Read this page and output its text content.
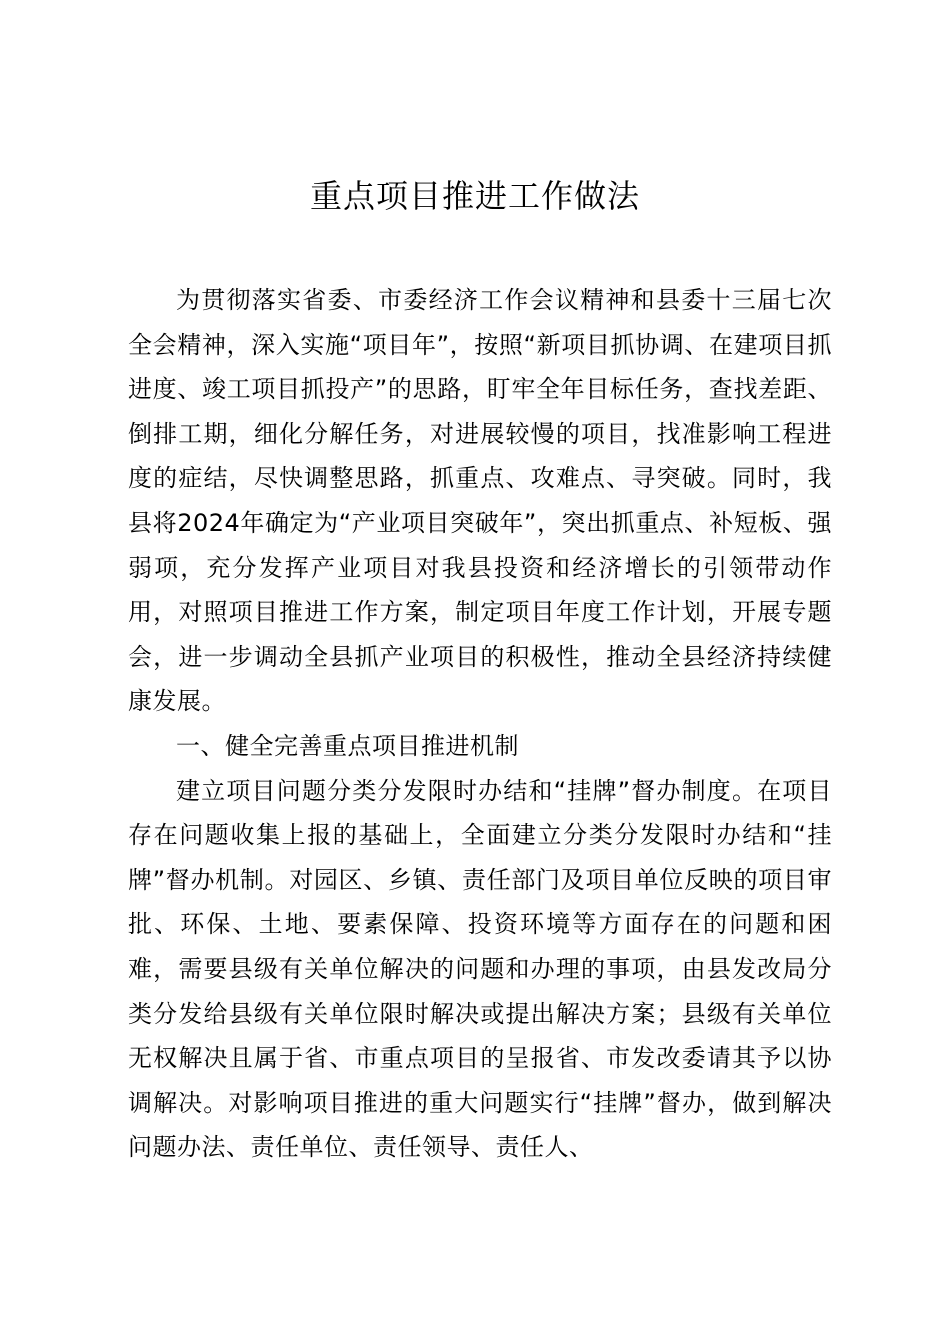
重点项目推进工作做法

为贯彻落实省委、市委经济工作会议精神和县委十三届七次全会精神，深入实施“项目年”，按照“新项目抓协调、在建项目抓进度、竣工项目抓投产”的思路，盯牢全年目标任务，查找差距、倒排工期，细化分解任务，对进展较慢的项目，找准影响工程进度的症结，尽快调整思路，抓重点、攻难点、寻突破。同时，我县将2024年确定为“产业项目突破年”，突出抓重点、补短板、强弱项，充分发挥产业项目对我县投资和经济增长的引领带动作用，对照项目推进工作方案，制定项目年度工作计划，开展专题会，进一步调动全县抓产业项目的积极性，推动全县经济持续健康发展。

一、健全完善重点项目推进机制

建立项目问题分类分发限时办结和“挂牌”督办制度。在项目存在问题收集上报的基础上，全面建立分类分发限时办结和“挂牌”督办机制。对园区、乡镇、责任部门及项目单位反映的项目审批、环保、土地、要素保障、投资环境等方面存在的问题和困难，需要县级有关单位解决的问题和办理的事项，由县发改局分类分发给县级有关单位限时解决或提出解决方案；县级有关单位无权解决且属于省、市重点项目的呈报省、市发改委请其予以协调解决。对影响项目推进的重大问题实行“挂牌”督办，做到解决问题办法、责任单位、责任领导、责任人、
